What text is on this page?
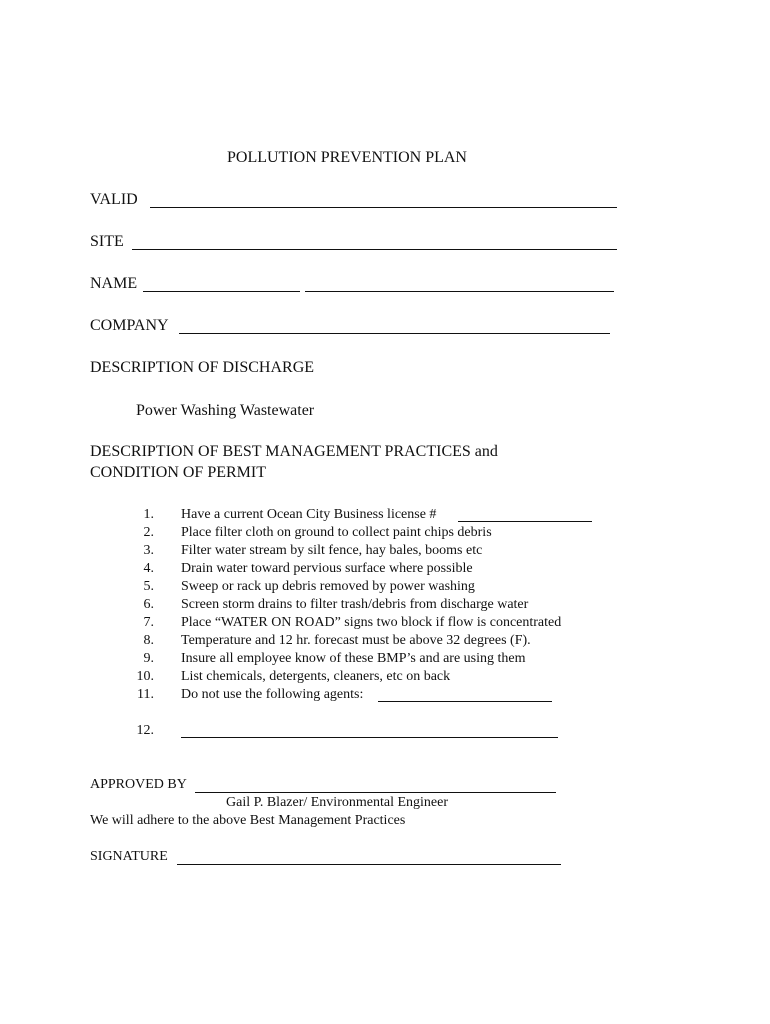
POLLUTION PREVENTION PLAN
VALID
SITE
NAME
COMPANY
DESCRIPTION OF DISCHARGE
Power Washing Wastewater
DESCRIPTION OF BEST MANAGEMENT PRACTICES and
CONDITION OF PERMIT
1. Have a current Ocean City Business license #
2. Place filter cloth on ground to collect paint chips debris
3. Filter water stream by silt fence, hay bales, booms etc
4. Drain water toward pervious surface where possible
5. Sweep or rack up debris removed by power washing
6. Screen storm drains to filter trash/debris from discharge water
7. Place “WATER ON ROAD” signs two block if flow is concentrated
8. Temperature and 12 hr. forecast must be above 32 degrees (F).
9. Insure all employee know of these BMP’s and are using them
10. List chemicals, detergents, cleaners, etc on back
11. Do not use the following agents:
12.
APPROVED BY
Gail P. Blazer/ Environmental Engineer
We will adhere to the above Best Management Practices
SIGNATURE
